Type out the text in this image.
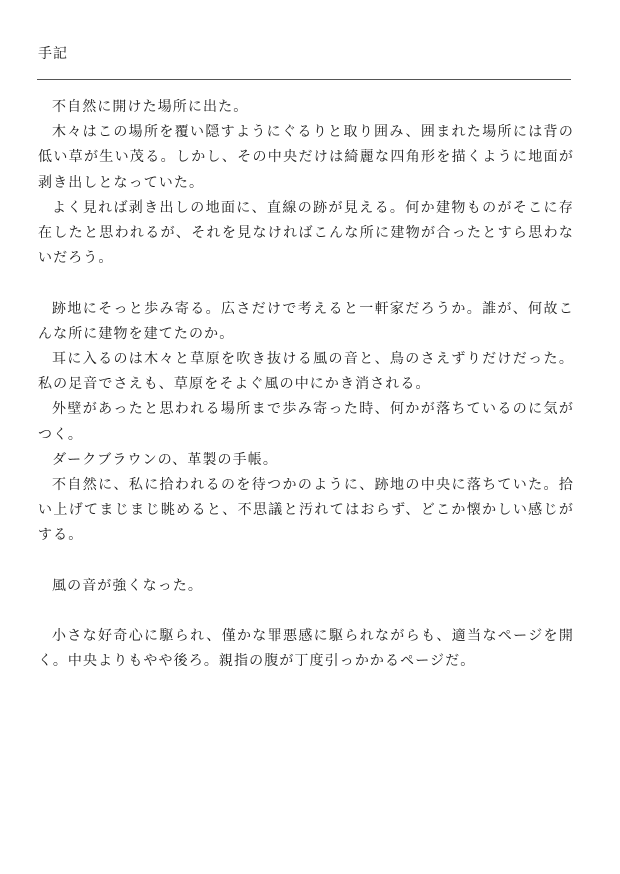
手記

不自然に開けた場所に出た。

木々はこの場所を覆い隠すようにぐるりと取り囲み、囲まれた場所には背の低い草が生い茂る。しかし、その中央だけは綺麗な四角形を描くように地面が剥き出しとなっていた。

よく見れば剥き出しの地面に、直線の跡が見える。何か建物ものがそこに存在したと思われるが、それを見なければこんな所に建物が合ったとすら思わないだろう。

跡地にそっと歩み寄る。広さだけで考えると一軒家だろうか。誰が、何故こんな所に建物を建てたのか。

耳に入るのは木々と草原を吹き抜ける風の音と、鳥のさえずりだけだった。私の足音でさえも、草原をそよぐ風の中にかき消される。

外壁があったと思われる場所まで歩み寄った時、何かが落ちているのに気がつく。

ダークブラウンの、革製の手帳。

不自然に、私に拾われるのを待つかのように、跡地の中央に落ちていた。拾い上げてまじまじ眺めると、不思議と汚れてはおらず、どこか懐かしい感じがする。

風の音が強くなった。

小さな好奇心に駆られ、僅かな罪悪感に駆られながらも、適当なページを開く。中央よりもやや後ろ。親指の腹が丁度引っかかるページだ。
